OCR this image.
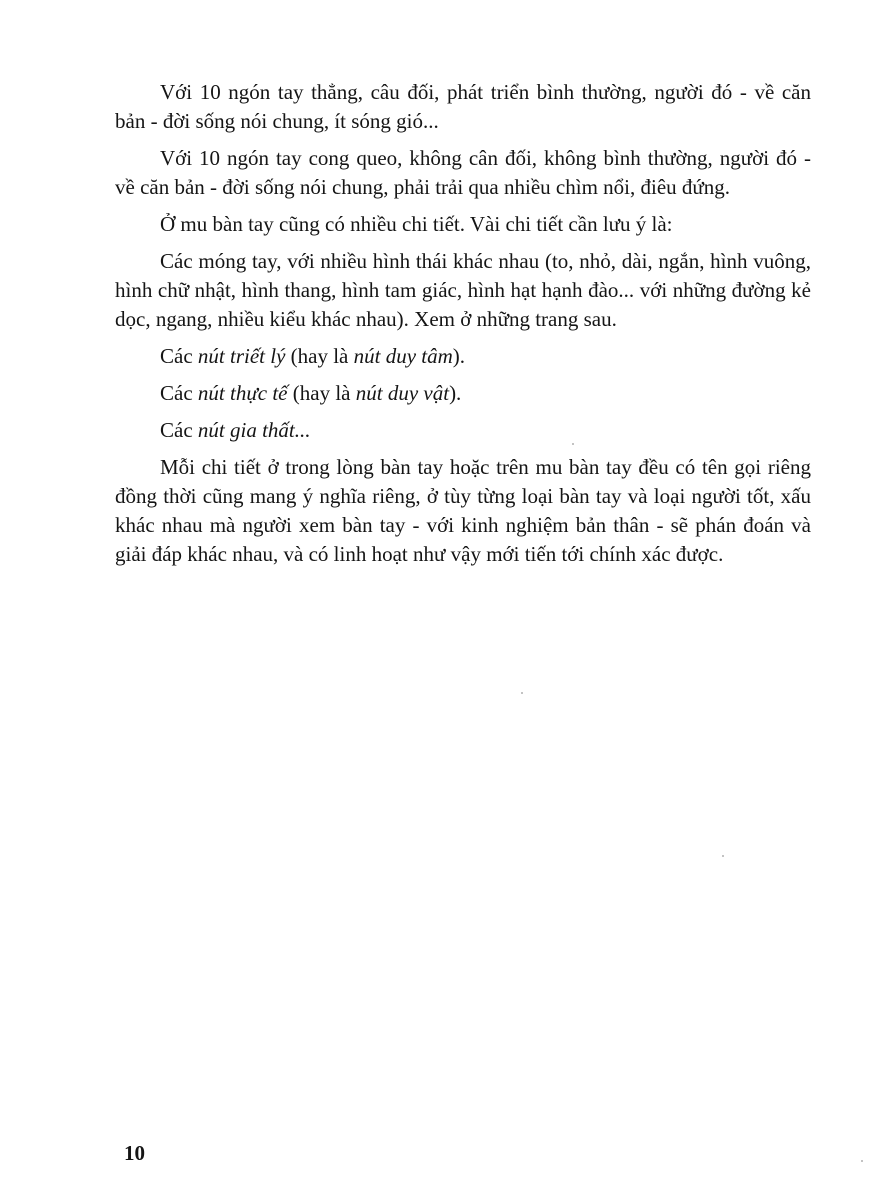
Với 10 ngón tay thẳng, câu đối, phát triển bình thường, người đó - về căn bản - đời sống nói chung, ít sóng gió...

Với 10 ngón tay cong queo, không cân đối, không bình thường, người đó - về căn bản - đời sống nói chung, phải trải qua nhiều chìm nổi, điêu đứng.

Ở mu bàn tay cũng có nhiều chi tiết. Vài chi tiết cần lưu ý là:

Các móng tay, với nhiều hình thái khác nhau (to, nhỏ, dài, ngắn, hình vuông, hình chữ nhật, hình thang, hình tam giác, hình hạt hạnh đào... với những đường kẻ dọc, ngang, nhiều kiểu khác nhau). Xem ở những trang sau.

Các nút triết lý (hay là nút duy tâm).

Các nút thực tế (hay là nút duy vật).

Các nút gia thất...

Mỗi chi tiết ở trong lòng bàn tay hoặc trên mu bàn tay đều có tên gọi riêng đồng thời cũng mang ý nghĩa riêng, ở tùy từng loại bàn tay và loại người tốt, xấu khác nhau mà người xem bàn tay - với kinh nghiệm bản thân - sẽ phán đoán và giải đáp khác nhau, và có linh hoạt như vậy mới tiến tới chính xác được.

10
